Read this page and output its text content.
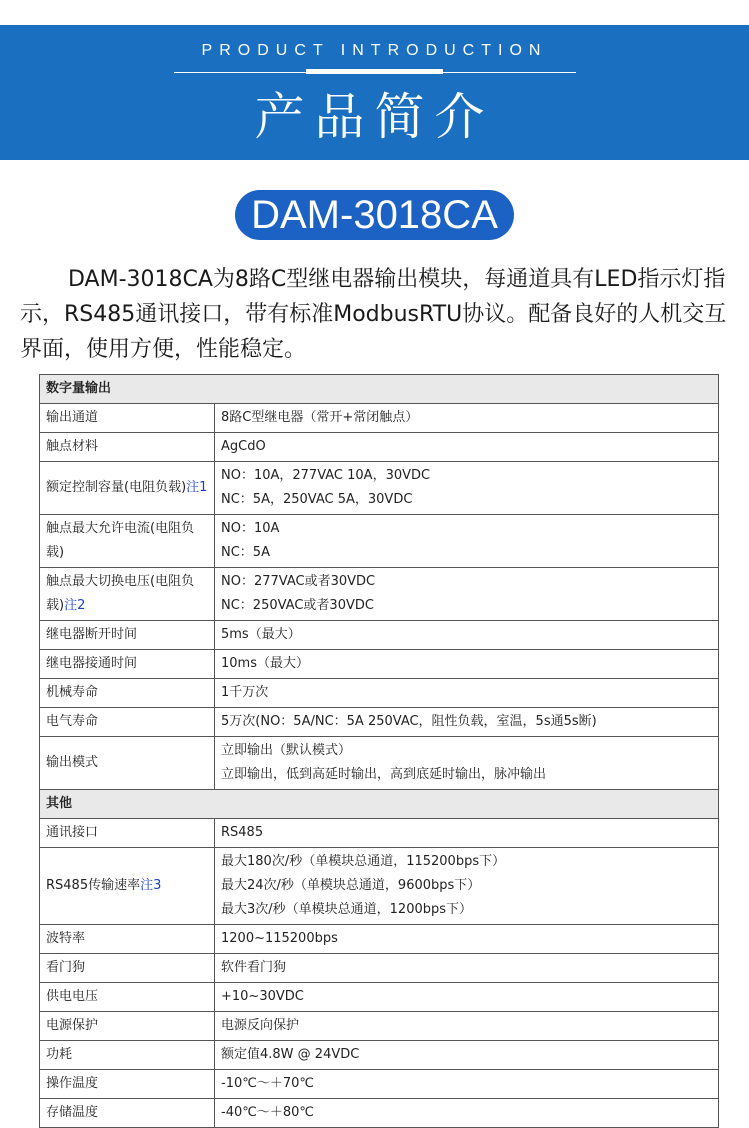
PRODUCT INTRODUCTION
产品简介
DAM-3018CA

DAM-3018CA为8路C型继电器输出模块，每通道具有LED指示灯指示，RS485通讯接口，带有标准ModbusRTU协议。配备良好的人机交互界面，使用方便，性能稳定。

数字量输出	
输出通道	8路C型继电器（常开+常闭触点）

触点材料	AgCdO

额定控制容量(电阻负载)注1	NO：10A，277VAC 10A，30VDC
NC：5A，250VAC 5A，30VDC

触点最大允许电流(电阻负载)	NO：10A
NC：5A

触点最大切换电压(电阻负载)注2	NO：277VAC或者30VDC
NC：250VAC或者30VDC

继电器断开时间	5ms（最大）

继电器接通时间	10ms（最大）

机械寿命	1千万次

电气寿命	5万次(NO：5A/NC：5A 250VAC，阻性负载，室温，5s通5s断)

输出模式	立即输出（默认模式）
立即输出，低到高延时输出，高到底延时输出，脉冲输出

其他	
通讯接口	RS485

RS485传输速率注3	最大180次/秒（单模块总通道，115200bps下）
最大24次/秒（单模块总通道，9600bps下）
最大3次/秒（单模块总通道，1200bps下）

波特率	1200~115200bps

看门狗	软件看门狗

供电电压	+10~30VDC

电源保护	电源反向保护

功耗	额定值4.8W @ 24VDC

操作温度	-10℃～＋70℃

存储温度	-40℃～＋80℃
